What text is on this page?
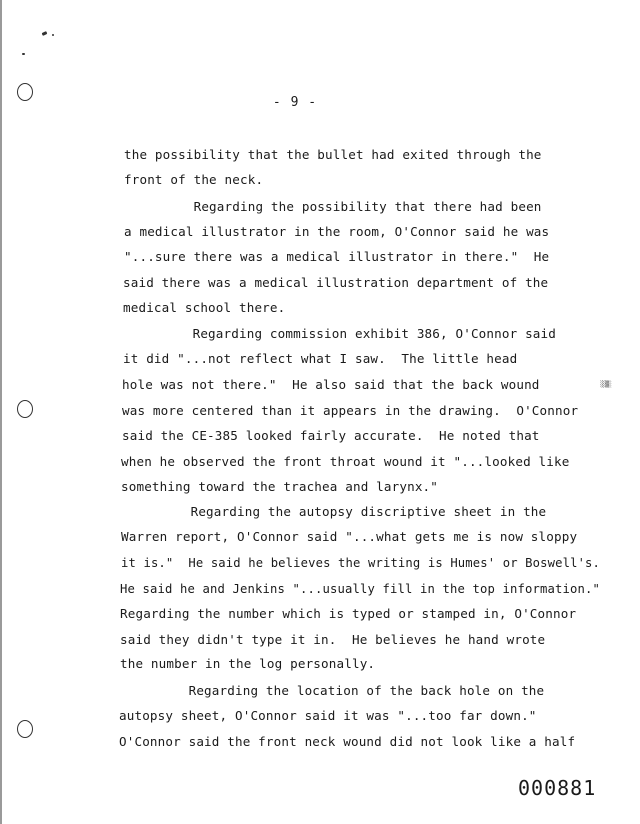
- 9 -
the possibility that the bullet had exited through the
front of the neck.
Regarding the possibility that there had been
a medical illustrator in the room, O'Connor said he was
"...sure there was a medical illustrator in there."  He
said there was a medical illustration department of the
medical school there.
Regarding commission exhibit 386, O'Connor said
it did "...not reflect what I saw.  The little head
hole was not there."  He also said that the back wound
was more centered than it appears in the drawing.  O'Connor
said the CE-385 looked fairly accurate.  He noted that
when he observed the front throat wound it "...looked like
something toward the trachea and larynx."
Regarding the autopsy discriptive sheet in the
Warren report, O'Connor said "...what gets me is now sloppy
it is."  He said he believes the writing is Humes' or Boswell's.
He said he and Jenkins "...usually fill in the top information."
Regarding the number which is typed or stamped in, O'Connor
said they didn't type it in.  He believes he hand wrote
the number in the log personally.
Regarding the location of the back hole on the
autopsy sheet, O'Connor said it was "...too far down."
O'Connor said the front neck wound did not look like a half
░░▒░
000881
